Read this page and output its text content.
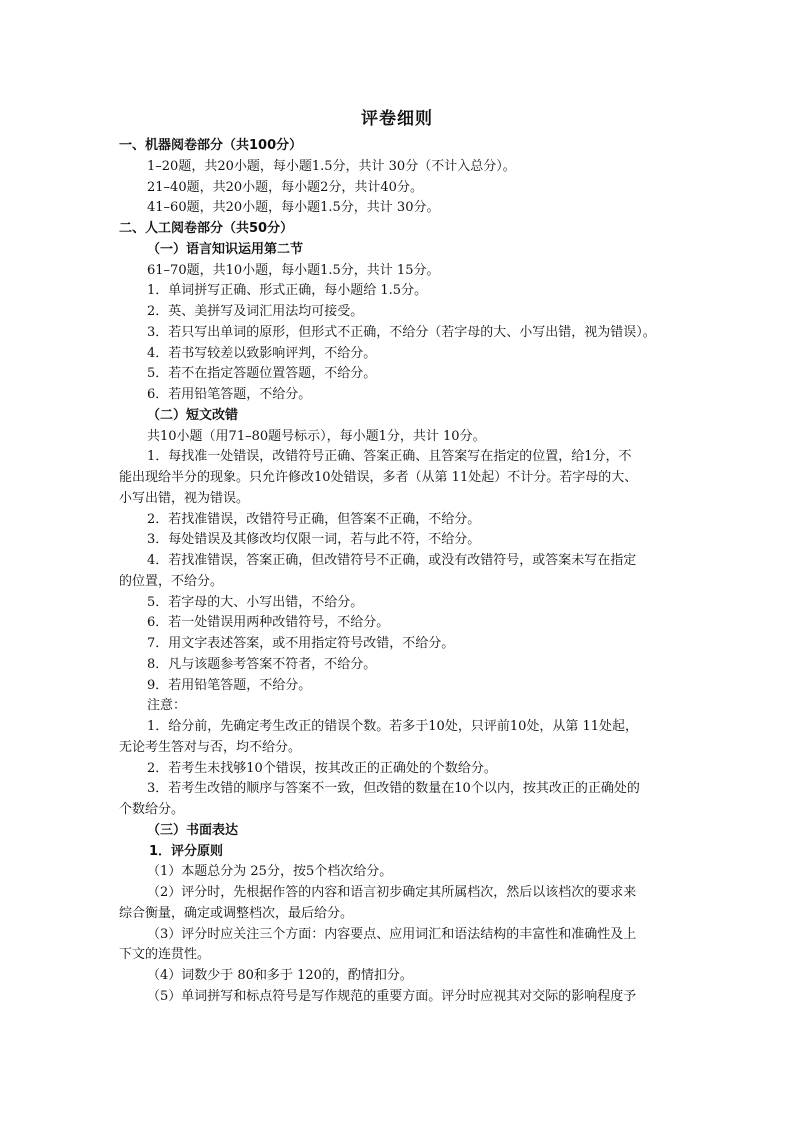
评卷细则
一、机器阅卷部分（共100分）
1–20题，共20小题，每小题1.5分，共计 30分（不计入总分）。
21–40题，共20小题，每小题2分，共计40分。
41–60题，共20小题，每小题1.5分，共计 30分。
二、人工阅卷部分（共50分）
（一）语言知识运用第二节
61–70题，共10小题，每小题1.5分，共计 15分。
1．单词拼写正确、形式正确，每小题给 1.5分。
2．英、美拼写及词汇用法均可接受。
3．若只写出单词的原形，但形式不正确，不给分（若字母的大、小写出错，视为错误）。
4．若书写较差以致影响评判，不给分。
5．若不在指定答题位置答题，不给分。
6．若用铅笔答题，不给分。
（二）短文改错
共10小题（用71–80题号标示），每小题1分，共计 10分。
1．每找准一处错误，改错符号正确、答案正确、且答案写在指定的位置，给1分，不
能出现给半分的现象。只允许修改10处错误，多者（从第 11处起）不计分。若字母的大、
小写出错，视为错误。
2．若找准错误，改错符号正确，但答案不正确，不给分。
3．每处错误及其修改均仅限一词，若与此不符，不给分。
4．若找准错误，答案正确，但改错符号不正确，或没有改错符号，或答案未写在指定
的位置，不给分。
5．若字母的大、小写出错，不给分。
6．若一处错误用两种改错符号，不给分。
7．用文字表述答案，或不用指定符号改错，不给分。
8．凡与该题参考答案不符者，不给分。
9．若用铅笔答题，不给分。
注意：
1．给分前，先确定考生改正的错误个数。若多于10处，只评前10处，从第 11处起，
无论考生答对与否，均不给分。
2．若考生未找够10个错误，按其改正的正确处的个数给分。
3．若考生改错的顺序与答案不一致，但改错的数量在10个以内，按其改正的正确处的
个数给分。
（三）书面表达
1．评分原则
（1）本题总分为 25分，按5个档次给分。
（2）评分时，先根据作答的内容和语言初步确定其所属档次，然后以该档次的要求来
综合衡量，确定或调整档次，最后给分。
（3）评分时应关注三个方面：内容要点、应用词汇和语法结构的丰富性和准确性及上
下文的连贯性。
（4）词数少于 80和多于 120的，酌情扣分。
（5）单词拼写和标点符号是写作规范的重要方面。评分时应视其对交际的影响程度予
